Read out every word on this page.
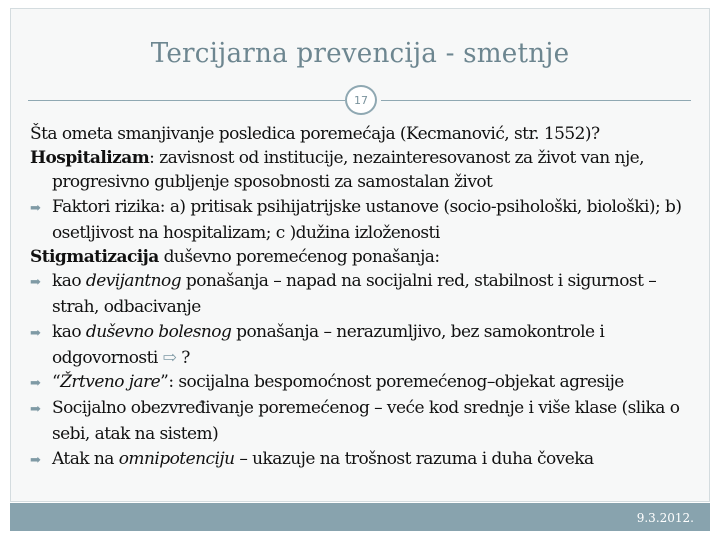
Tercijarna prevencija - smetnje
17

Šta ometa smanjivanje posledica poremećaja (Kecmanović, str. 1552)?

Hospitalizam: zavisnost od institucije, nezainteresovanost za život van nje, progresivno gubljenje sposobnosti za samostalan život

➡ Faktori rizika: a) pritisak psihijatrijske ustanove (socio-psihološki, biološki); b) osetljivost na hospitalizam; c )dužina izloženosti

Stigmatizacija duševno poremećenog ponašanja:

➡ kao devijantnog ponašanja – napad na socijalni red, stabilnost i sigurnost – strah, odbacivanje

➡ kao duševno bolesnog ponašanja – nerazumljivo, bez samokontrole i odgovornosti ⇨ ?

➡ “Žrtveno jare”: socijalna bespomoćnost poremećenog–objekat agresije

➡ Socijalno obezvređivanje poremećenog – veće kod srednje i više klase (slika o sebi, atak na sistem)

➡ Atak na omnipotenciju – ukazuje na trošnost razuma i duha čoveka

9.3.2012.
